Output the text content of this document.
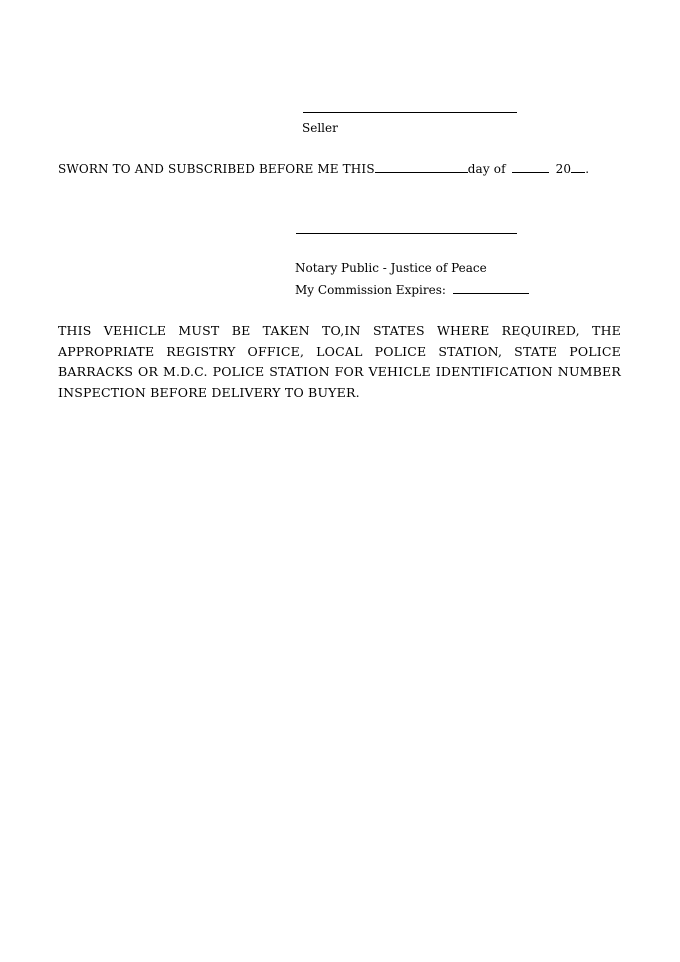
Seller
SWORN TO AND SUBSCRIBED BEFORE ME THIS	day of	20 .
Notary Public - Justice of Peace
My Commission Expires:
THIS VEHICLE MUST BE TAKEN TO,IN STATES WHERE REQUIRED, THE APPROPRIATE REGISTRY OFFICE, LOCAL POLICE STATION, STATE POLICE BARRACKS OR M.D.C. POLICE STATION FOR VEHICLE IDENTIFICATION NUMBER INSPECTION BEFORE DELIVERY TO BUYER.
